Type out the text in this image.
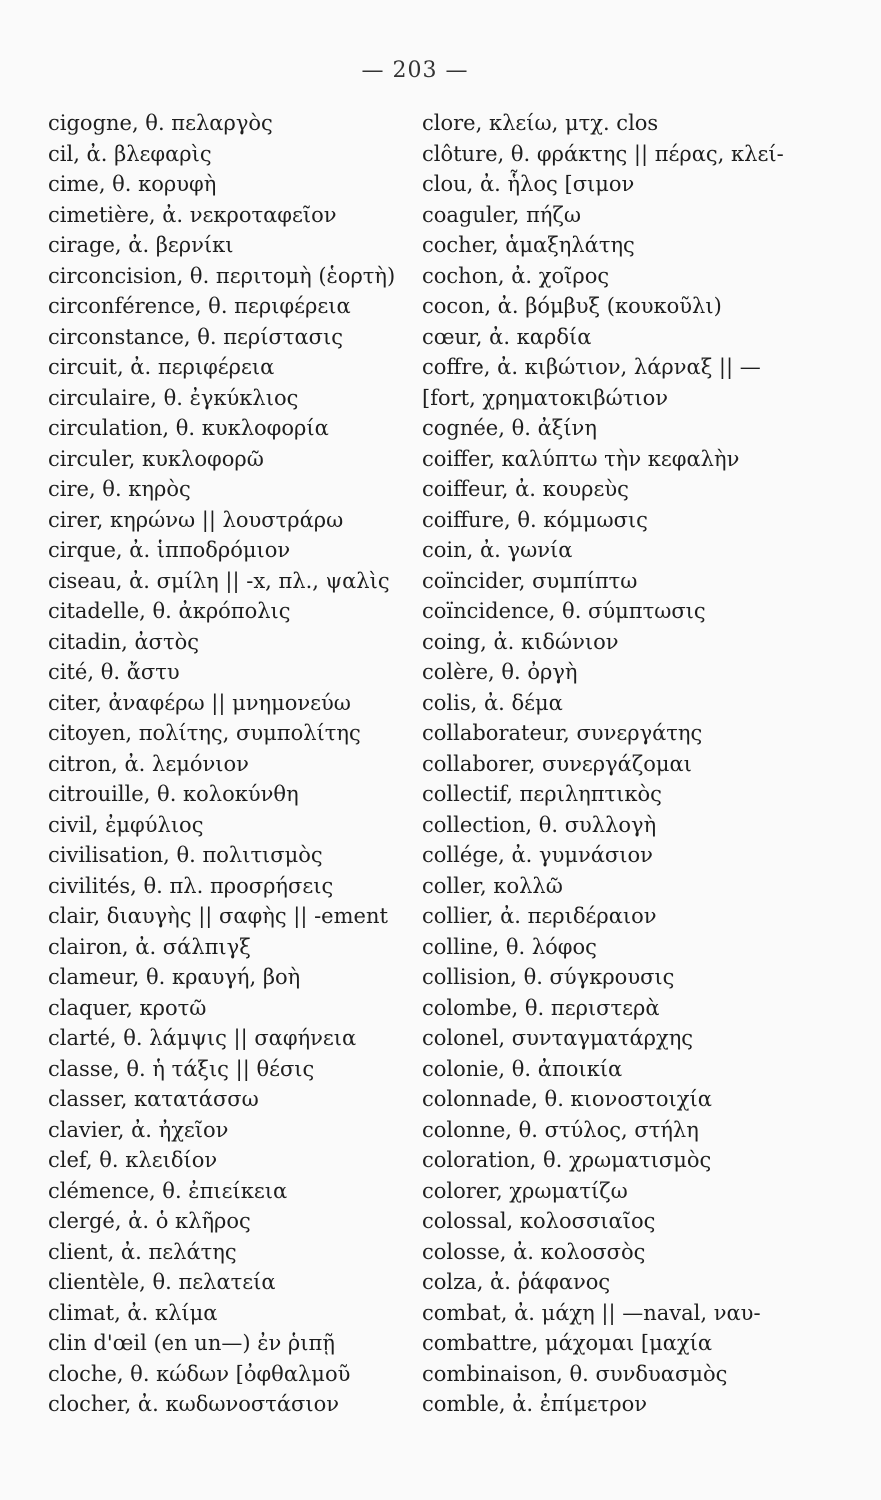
— 203 —
cigogne, θ. πελαργὸς
cil, ἀ. βλεφαρὶς
cime, θ. κορυφὴ
cimetière, ἀ. νεκροταφεῖον
cirage, ἀ. βερνίκι
circoncision, θ. περιτομὴ (ἑορτὴ)
circonférence, θ. περιφέρεια
circonstance, θ. περίστασις
circuit, ἀ. περιφέρεια
circulaire, θ. ἐγκύκλιος
circulation, θ. κυκλοφορία
circuler, κυκλοφορῶ
cire, θ. κηρὸς
cirer, κηρώνω || λουστράρω
cirque, ἀ. ἱπποδρόμιον
ciseau, ἀ. σμίλη || -x, πλ., ψαλὶς
citadelle, θ. ἀκρόπολις
citadin, ἀστὸς
cité, θ. ἄστυ
citer, ἀναφέρω || μνημονεύω
citoyen, πολίτης, συμπολίτης
citron, ἀ. λεμόνιον
citrouille, θ. κολοκύνθη
civil, ἐμφύλιος
civilisation, θ. πολιτισμὸς
civilités, θ. πλ. προσρήσεις
clair, διαυγὴς || σαφὴς || -ement
clairon, ἀ. σάλπιγξ
clameur, θ. κραυγή, βοὴ
claquer, κροτῶ
clarté, θ. λάμψις || σαφήνεια
classe, θ. ἡ τάξις || θέσις
classer, κατατάσσω
clavier, ἀ. ἠχεῖον
clef, θ. κλειδίον
clémence, θ. ἐπιείκεια
clergé, ἀ. ὁ κλῆρος
client, ἀ. πελάτης
clientèle, θ. πελατεία
climat, ἀ. κλίμα
clin d'œil (en un—) ἐν ῥιπῇ
cloche, θ. κώδων [ὀφθαλμοῦ
clocher, ἀ. κωδωνοστάσιον
clore, κλείω, μτχ. clos
clôture, θ. φράκτης || πέρας, κλεί-
clou, ἀ. ἧλος [σιμον
coaguler, πήζω
cocher, ἁμαξηλάτης
cochon, ἀ. χοῖρος
cocon, ἀ. βόμβυξ (κουκοῦλι)
cœur, ἀ. καρδία
coffre, ἀ. κιβώτιον, λάρναξ || —
[fort, χρηματοκιβώτιον
cognée, θ. ἀξίνη
coiffer, καλύπτω τὴν κεφαλὴν
coiffeur, ἀ. κουρεὺς
coiffure, θ. κόμμωσις
coin, ἀ. γωνία
coïncider, συμπίπτω
coïncidence, θ. σύμπτωσις
coing, ἀ. κιδώνιον
colère, θ. ὀργὴ
colis, ἀ. δέμα
collaborateur, συνεργάτης
collaborer, συνεργάζομαι
collectif, περιληπτικὸς
collection, θ. συλλογὴ
collége, ἀ. γυμνάσιον
coller, κολλῶ
collier, ἀ. περιδέραιον
colline, θ. λόφος
collision, θ. σύγκρουσις
colombe, θ. περιστερὰ
colonel, συνταγματάρχης
colonie, θ. ἀποικία
colonnade, θ. κιονοστοιχία
colonne, θ. στύλος, στήλη
coloration, θ. χρωματισμὸς
colorer, χρωματίζω
colossal, κολοσσιαῖος
colosse, ἀ. κολοσσὸς
colza, ἀ. ῥάφανος
combat, ἀ. μάχη || —naval, ναυ-
combattre, μάχομαι [μαχία
combinaison, θ. συνδυασμὸς
comble, ἀ. ἐπίμετρον
